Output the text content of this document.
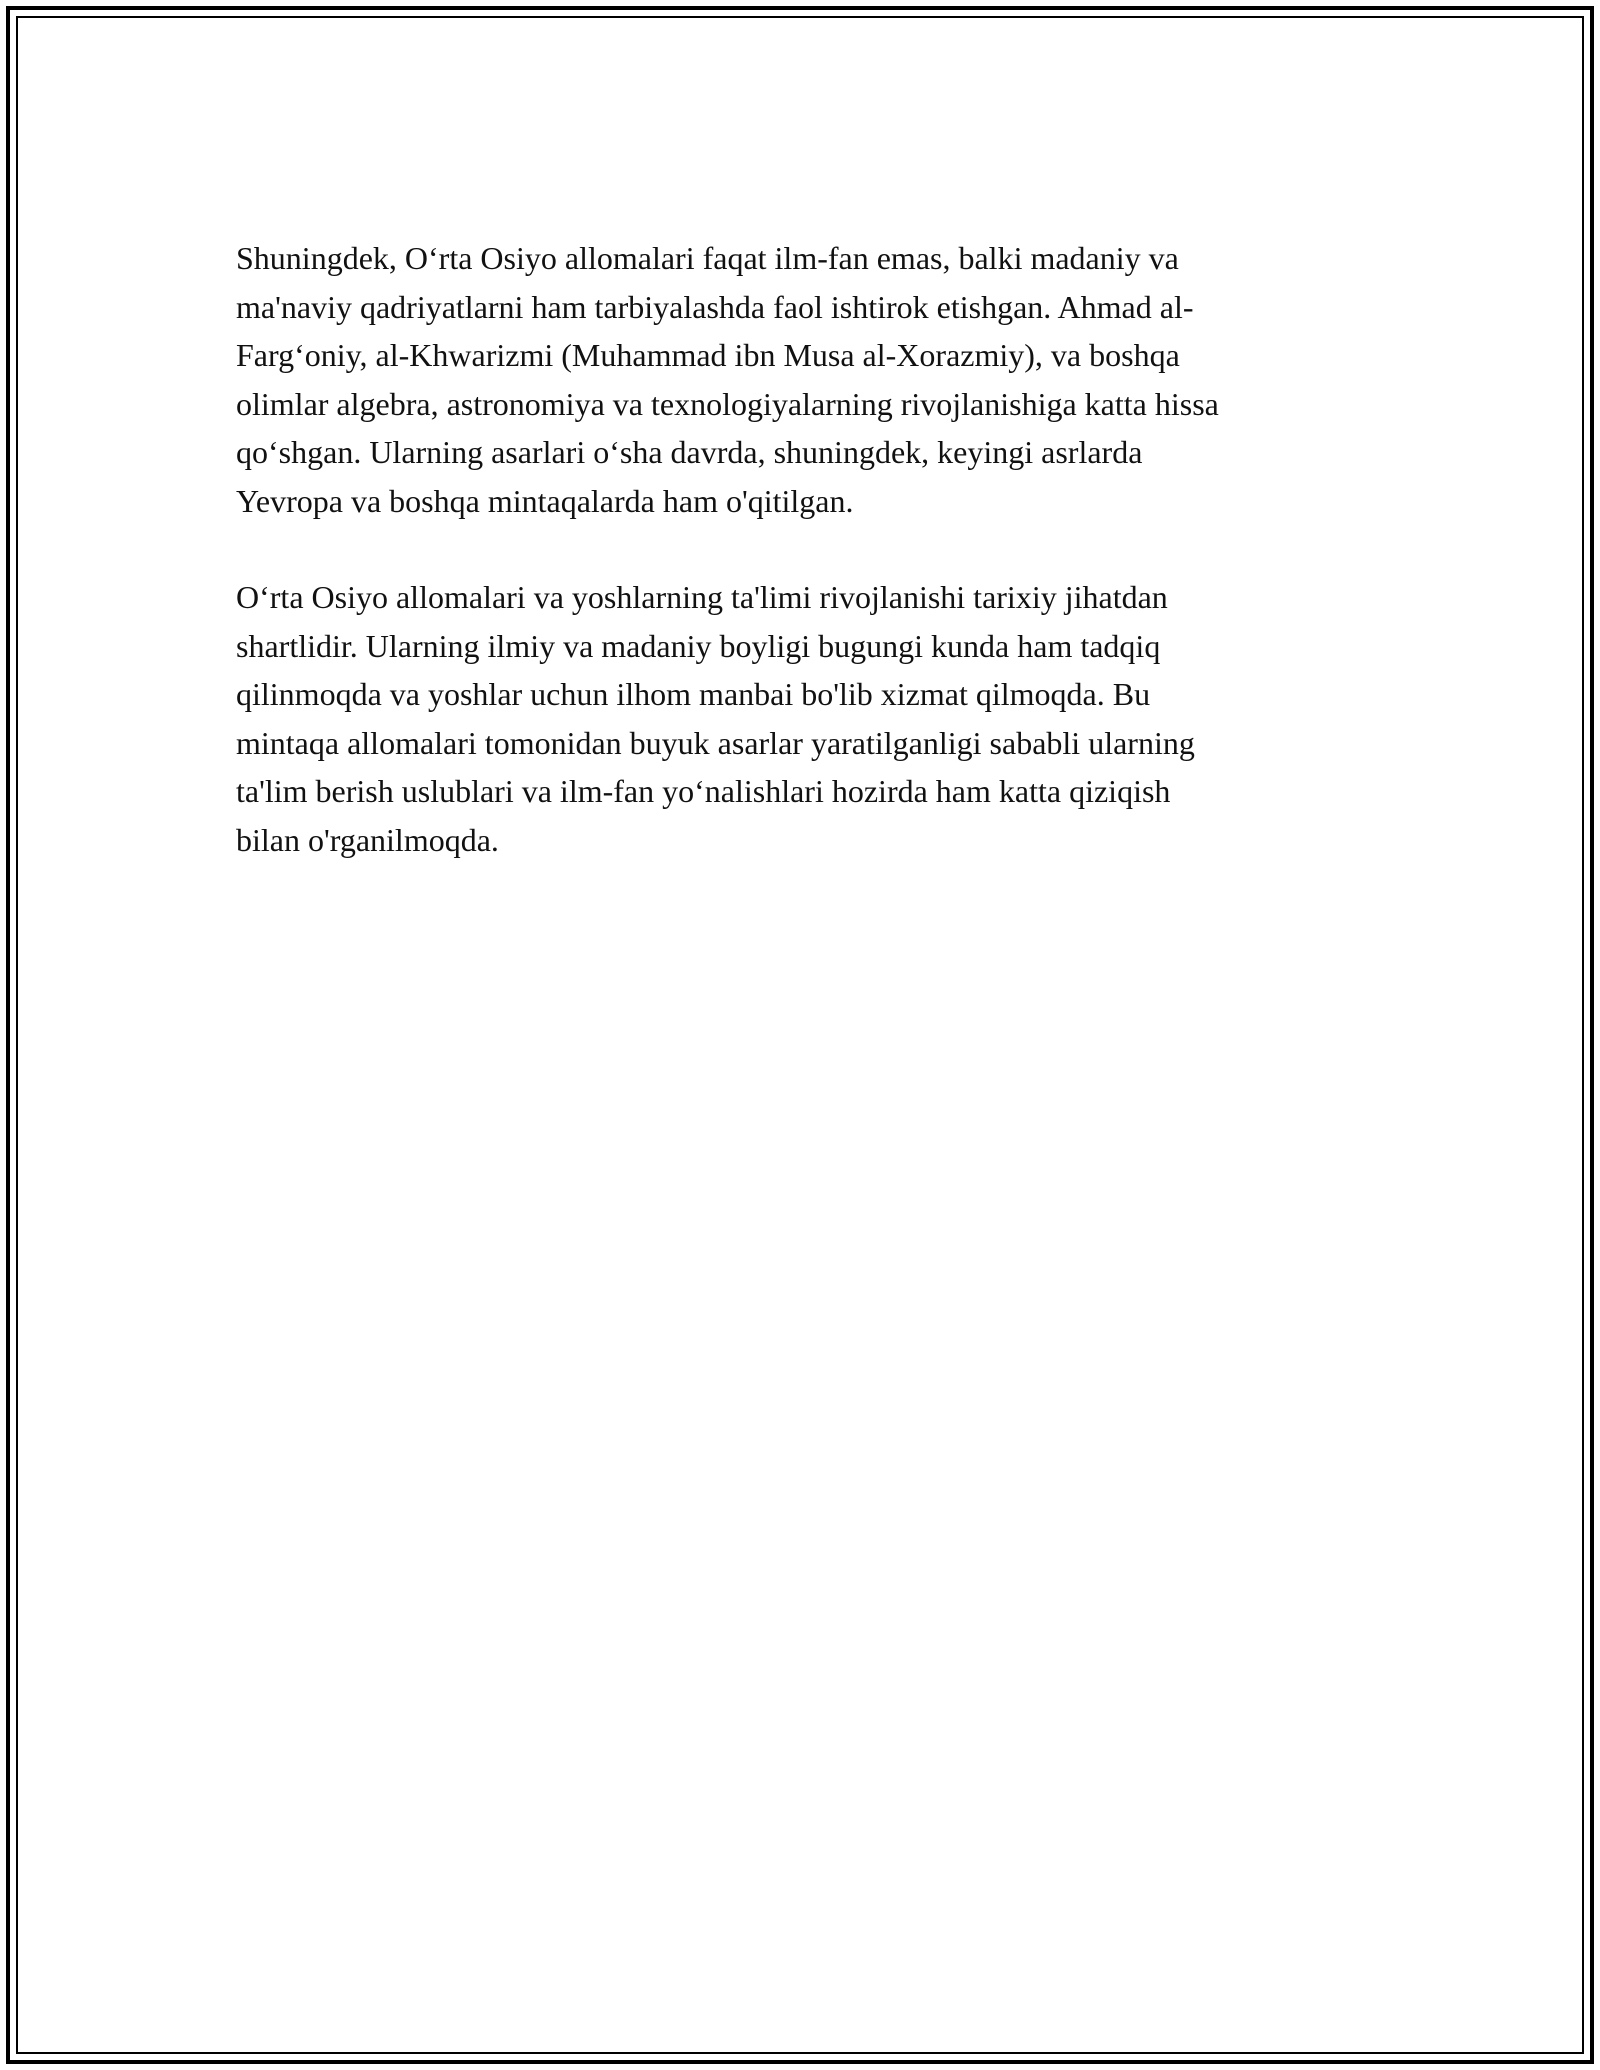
Shuningdek, O‘rta Osiyo allomalari faqat ilm-fan emas, balki madaniy va
ma'naviy qadriyatlarni ham tarbiyalashda faol ishtirok etishgan. Ahmad al-
Farg‘oniy, al-Khwarizmi (Muhammad ibn Musa al-Xorazmiy), va boshqa
olimlar algebra, astronomiya va texnologiyalarning rivojlanishiga katta hissa
qo‘shgan. Ularning asarlari o‘sha davrda, shuningdek, keyingi asrlarda
Yevropa va boshqa mintaqalarda ham o'qitilgan.

O‘rta Osiyo allomalari va yoshlarning ta'limi rivojlanishi tarixiy jihatdan
shartlidir. Ularning ilmiy va madaniy boyligi bugungi kunda ham tadqiq
qilinmoqda va yoshlar uchun ilhom manbai bo'lib xizmat qilmoqda. Bu
mintaqa allomalari tomonidan buyuk asarlar yaratilganligi sababli ularning
ta'lim berish uslublari va ilm-fan yo‘nalishlari hozirda ham katta qiziqish
bilan o'rganilmoqda.
